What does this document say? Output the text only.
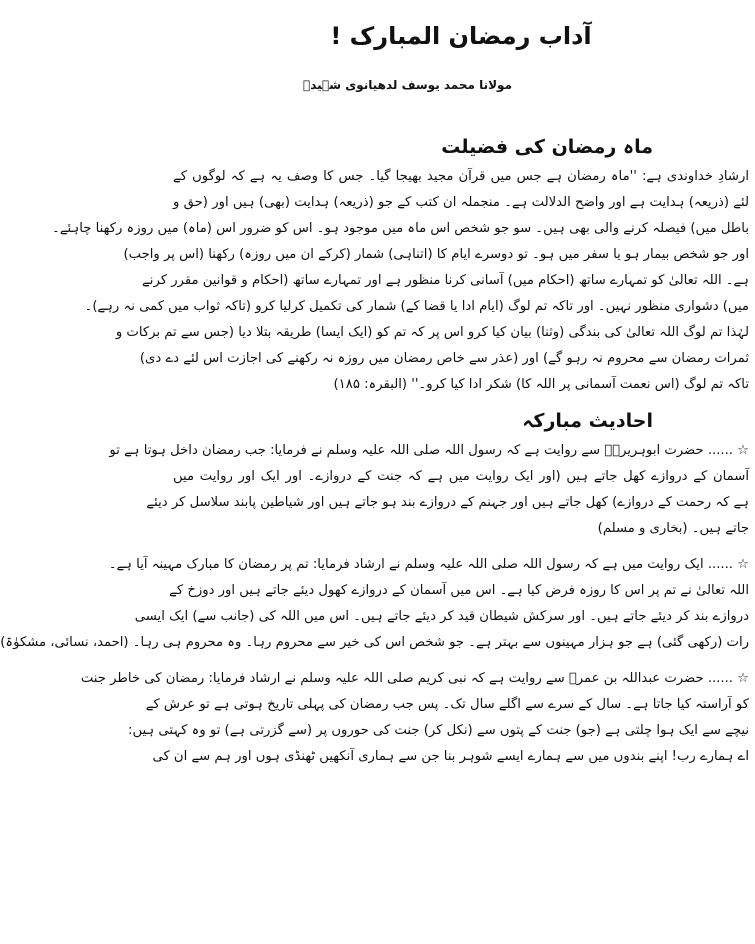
آداب رمضان المبارک !
مولانا محمد یوسف لدھیانوی شہیدؒ
ماہ رمضان کی فضیلت
ارشادِ خداوندی ہے: ''ماہ رمضان ہے جس میں قرآن مجید بھیجا گیا۔ جس کا وصف یہ ہے کہ لوگوں کے
لئے (ذریعہ) ہدایت ہے اور واضح الدلالت ہے۔ منجملہ ان کتب کے جو (ذریعہ) ہدایت (بھی) ہیں اور (حق و
باطل میں) فیصلہ کرنے والی بھی ہیں۔ سو جو شخص اس ماہ میں موجود ہو۔ اس کو ضرور اس (ماہ) میں روزہ رکھنا چاہئے۔
اور جو شخص بیمار ہو یا سفر میں ہو۔ تو دوسرے ایام کا (اتناہی) شمار (کرکے ان میں روزہ) رکھنا (اس پر واجب)
ہے۔ اللہ تعالیٰ کو تمہارے ساتھ (احکام میں) آسانی کرنا منظور ہے اور تمہارے ساتھ (احکام و قوانین مقرر کرنے
میں) دشواری منظور نہیں۔ اور تاکہ تم لوگ (ایام ادا یا قضا کے) شمار کی تکمیل کرلیا کرو (تاکہ ثواب میں کمی نہ رہے)۔
لہٰذا تم لوگ اللہ تعالیٰ کی بندگی (وثنا) بیان کیا کرو اس پر کہ تم کو (ایک ایسا) طریقہ بتلا دیا (جس سے تم برکات و
ثمرات رمضان سے محروم نہ رہو گے) اور (عذر سے خاص رمضان میں روزہ نہ رکھنے کی اجازت اس لئے دے دی)
تاکہ تم لوگ (اس نعمت آسمانی پر اللہ کا) شکر ادا کیا کرو۔'' (البقرہ: ۱۸۵)
احادیث مبارکہ
☆ ...... حضرت ابوہریرہؓ سے روایت ہے کہ رسول اللہ صلی اللہ علیہ وسلم نے فرمایا: جب رمضان داخل ہوتا ہے تو
آسمان کے دروازے کھل جاتے ہیں (اور ایک روایت میں ہے کہ جنت کے دروازے۔ اور ایک اور روایت میں
ہے کہ رحمت کے دروازے) کھل جاتے ہیں اور جہنم کے دروازے بند ہو جاتے ہیں اور شیاطین پابند سلاسل کر دیئے
جاتے ہیں۔ (بخاری و مسلم)
☆ ...... ایک روایت میں ہے کہ رسول اللہ صلی اللہ علیہ وسلم نے ارشاد فرمایا: تم پر رمضان کا مبارک مہینہ آیا ہے۔
اللہ تعالیٰ نے تم پر اس کا روزہ فرض کیا ہے۔ اس میں آسمان کے دروازے کھول دیئے جاتے ہیں اور دوزخ کے
دروازے بند کر دیئے جاتے ہیں۔ اور سرکش شیطان قید کر دیئے جاتے ہیں۔ اس میں اللہ کی (جانب سے) ایک ایسی
رات (رکھی گئی) ہے جو ہزار مہینوں سے بہتر ہے۔ جو شخص اس کی خیر سے محروم رہا۔ وہ محروم ہی رہا۔ (احمد، نسائی، مشکوٰۃ)
☆ ...... حضرت عبداللہ بن عمرؓ سے روایت ہے کہ نبی کریم صلی اللہ علیہ وسلم نے ارشاد فرمایا: رمضان کی خاطر جنت
کو آراستہ کیا جاتا ہے۔ سال کے سرے سے اگلے سال تک۔ پس جب رمضان کی پہلی تاریخ ہوتی ہے تو عرش کے
نیچے سے ایک ہوا چلتی ہے (جو) جنت کے پتوں سے (نکل کر) جنت کی حوروں پر (سے گزرتی ہے) تو وہ کہتی ہیں:
اے ہمارے رب! اپنے بندوں میں سے ہمارے ایسے شوہر بنا جن سے ہماری آنکھیں ٹھنڈی ہوں اور ہم سے ان کی
